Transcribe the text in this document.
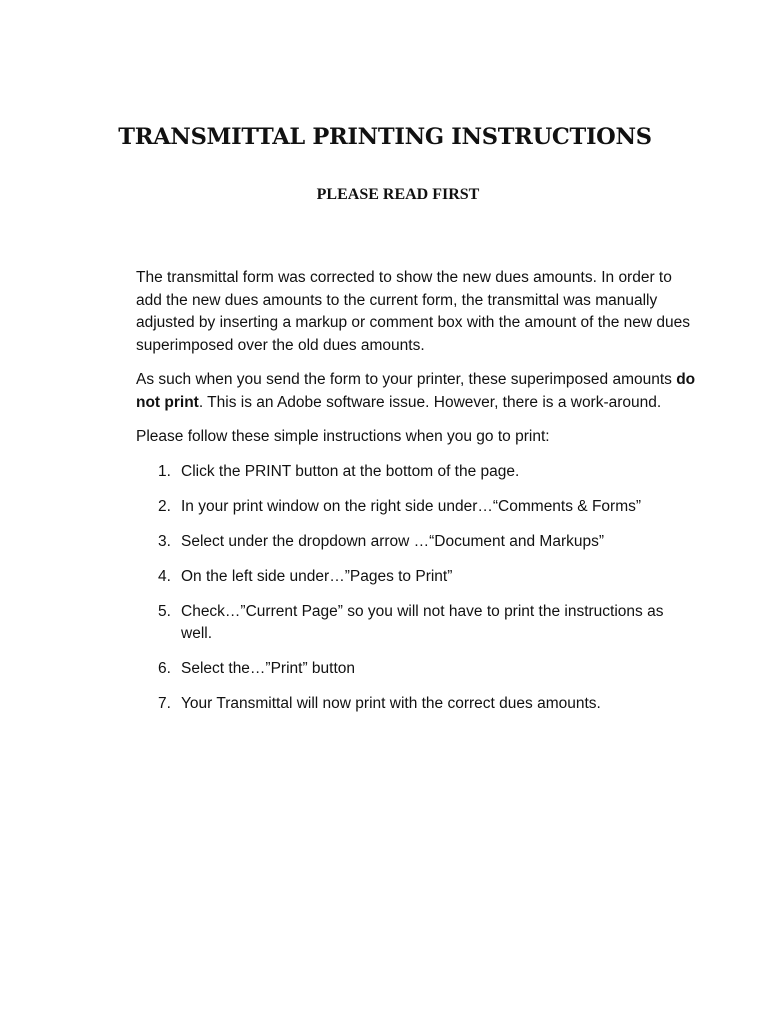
TRANSMITTAL PRINTING INSTRUCTIONS
PLEASE READ FIRST

The transmittal form was corrected to show the new dues amounts. In order to add the new dues amounts to the current form, the transmittal was manually adjusted by inserting a markup or comment box with the amount of the new dues superimposed over the old dues amounts.

As such when you send the form to your printer, these superimposed amounts do not print. This is an Adobe software issue. However, there is a work-around.

Please follow these simple instructions when you go to print:

1. Click the PRINT button at the bottom of the page.
2. In your print window on the right side under…“Comments & Forms”
3. Select under the dropdown arrow …“Document and Markups”
4. On the left side under…”Pages to Print”
5. Check…”Current Page” so you will not have to print the instructions as well.
6. Select the…”Print” button
7. Your Transmittal will now print with the correct dues amounts.
